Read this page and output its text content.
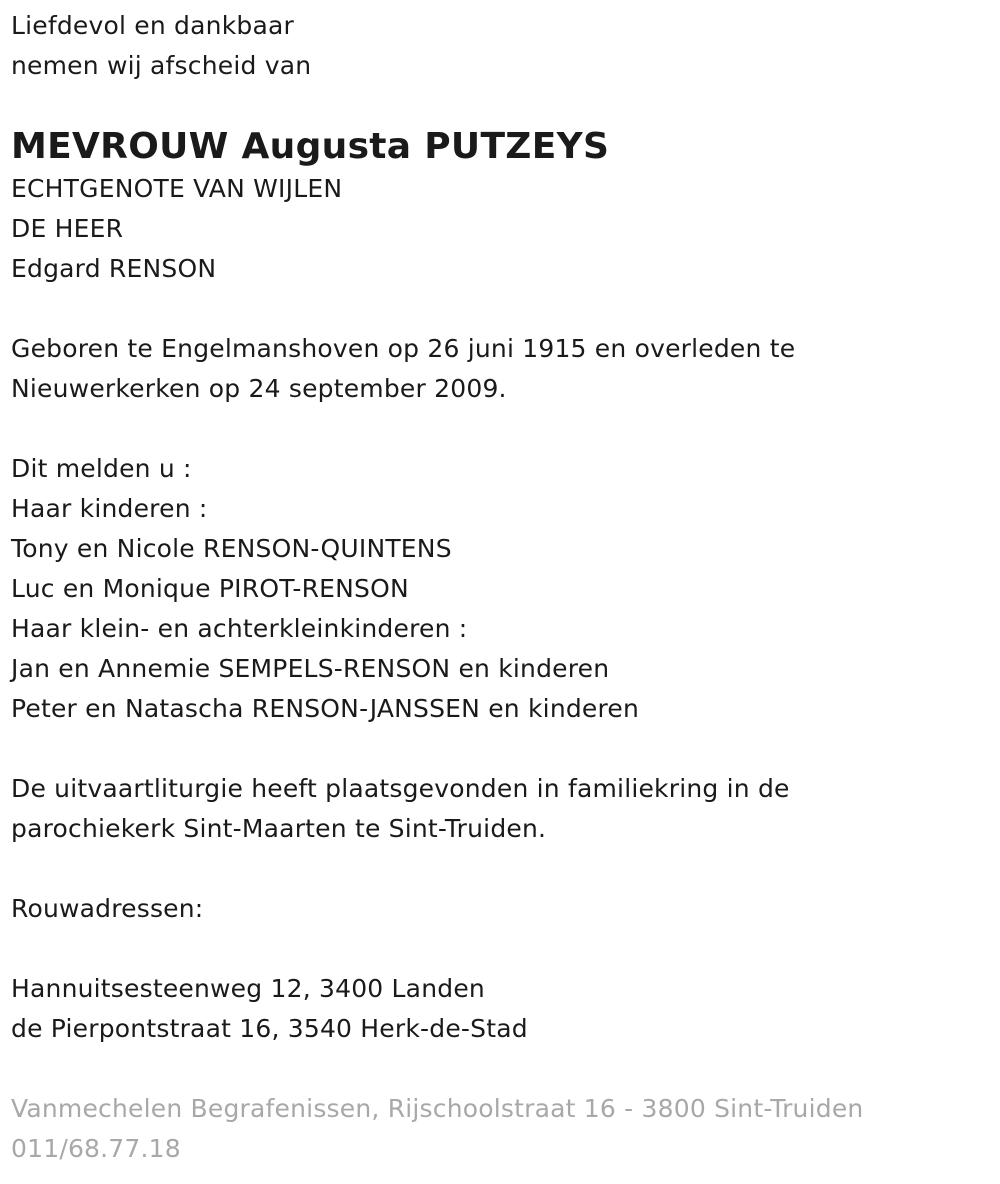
Liefdevol en dankbaar
nemen wij afscheid van
MEVROUW Augusta PUTZEYS
ECHTGENOTE VAN WIJLEN
DE HEER
Edgard RENSON
Geboren te Engelmanshoven op 26 juni 1915 en overleden te
Nieuwerkerken op 24 september 2009.
Dit melden u :
Haar kinderen :
Tony en Nicole RENSON-QUINTENS
Luc en Monique PIROT-RENSON
Haar klein- en achterkleinkinderen :
Jan en Annemie SEMPELS-RENSON en kinderen
Peter en Natascha RENSON-JANSSEN en kinderen
De uitvaartliturgie heeft plaatsgevonden in familiekring in de
parochiekerk Sint-Maarten te Sint-Truiden.
Rouwadressen:
Hannuitsesteenweg 12, 3400 Landen
de Pierpontstraat 16, 3540 Herk-de-Stad
Vanmechelen Begrafenissen, Rijschoolstraat 16 - 3800 Sint-Truiden
011/68.77.18
